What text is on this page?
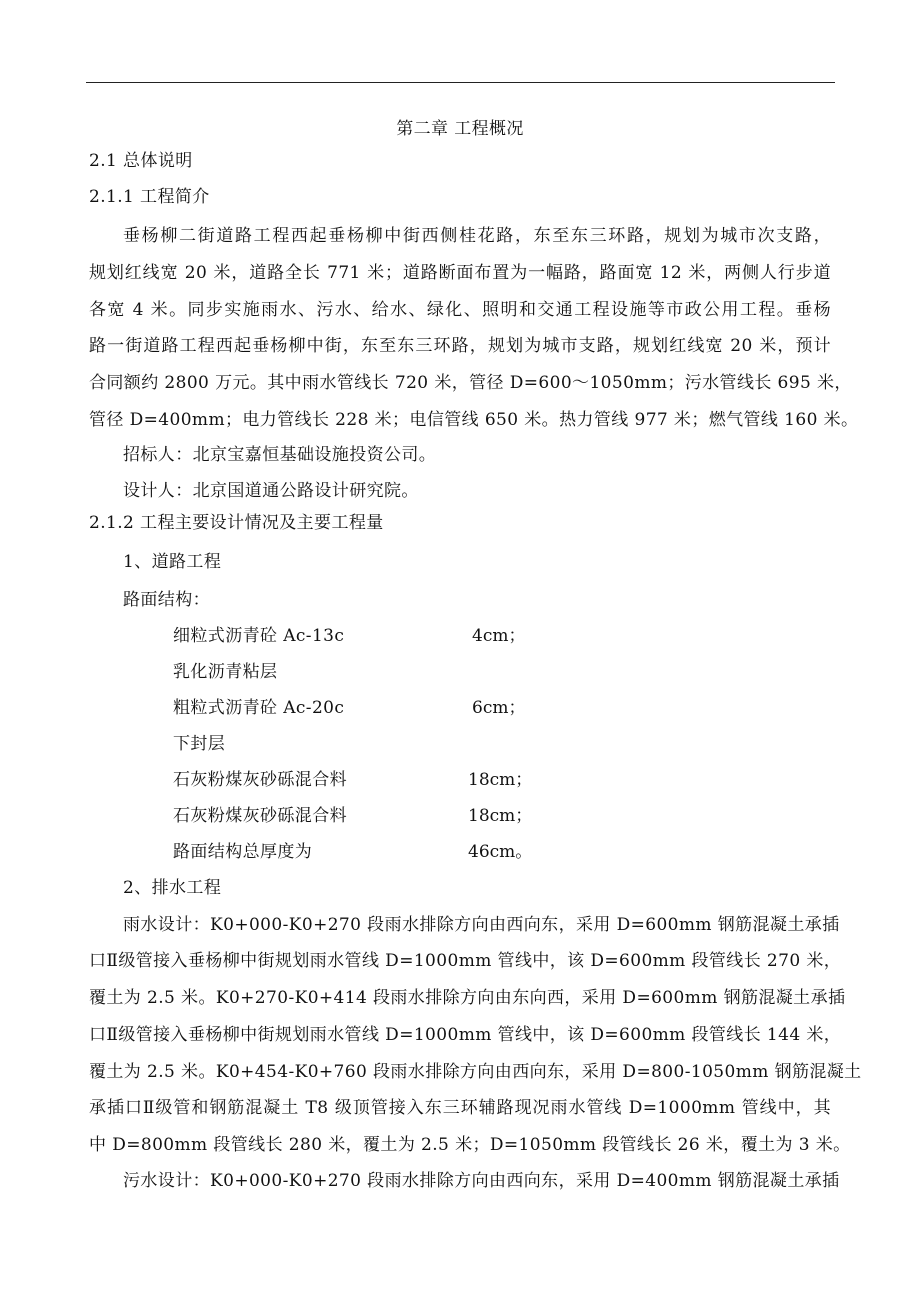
第二章 工程概况
2.1 总体说明
2.1.1 工程简介
垂杨柳二街道路工程西起垂杨柳中街西侧桂花路，东至东三环路，规划为城市次支路，
规划红线宽 20 米，道路全长 771 米；道路断面布置为一幅路，路面宽 12 米，两侧人行步道
各宽 4 米。同步实施雨水、污水、给水、绿化、照明和交通工程设施等市政公用工程。垂杨
路一街道路工程西起垂杨柳中街，东至东三环路，规划为城市支路，规划红线宽 20 米，预计
合同额约 2800 万元。其中雨水管线长 720 米，管径 D=600～1050mm；污水管线长 695 米，
管径 D=400mm；电力管线长 228 米；电信管线 650 米。热力管线 977 米；燃气管线 160 米。
招标人：北京宝嘉恒基础设施投资公司。
设计人：北京国道通公路设计研究院。
2.1.2 工程主要设计情况及主要工程量
1、道路工程
路面结构：
细粒式沥青砼 Ac-13c	4cm；
乳化沥青粘层
粗粒式沥青砼 Ac-20c	6cm；
下封层
石灰粉煤灰砂砾混合料	18cm；
石灰粉煤灰砂砾混合料	18cm；
路面结构总厚度为	46cm。
2、排水工程
雨水设计：K0+000-K0+270 段雨水排除方向由西向东，采用 D=600mm 钢筋混凝土承插
口Ⅱ级管接入垂杨柳中街规划雨水管线 D=1000mm 管线中，该 D=600mm 段管线长 270 米，
覆土为 2.5 米。K0+270-K0+414 段雨水排除方向由东向西，采用 D=600mm 钢筋混凝土承插
口Ⅱ级管接入垂杨柳中街规划雨水管线 D=1000mm 管线中，该 D=600mm 段管线长 144 米，
覆土为 2.5 米。K0+454-K0+760 段雨水排除方向由西向东，采用 D=800-1050mm 钢筋混凝土
承插口Ⅱ级管和钢筋混凝土 T8 级顶管接入东三环辅路现况雨水管线 D=1000mm 管线中，其
中 D=800mm 段管线长 280 米，覆土为 2.5 米；D=1050mm 段管线长 26 米，覆土为 3 米。
污水设计：K0+000-K0+270 段雨水排除方向由西向东，采用 D=400mm 钢筋混凝土承插
